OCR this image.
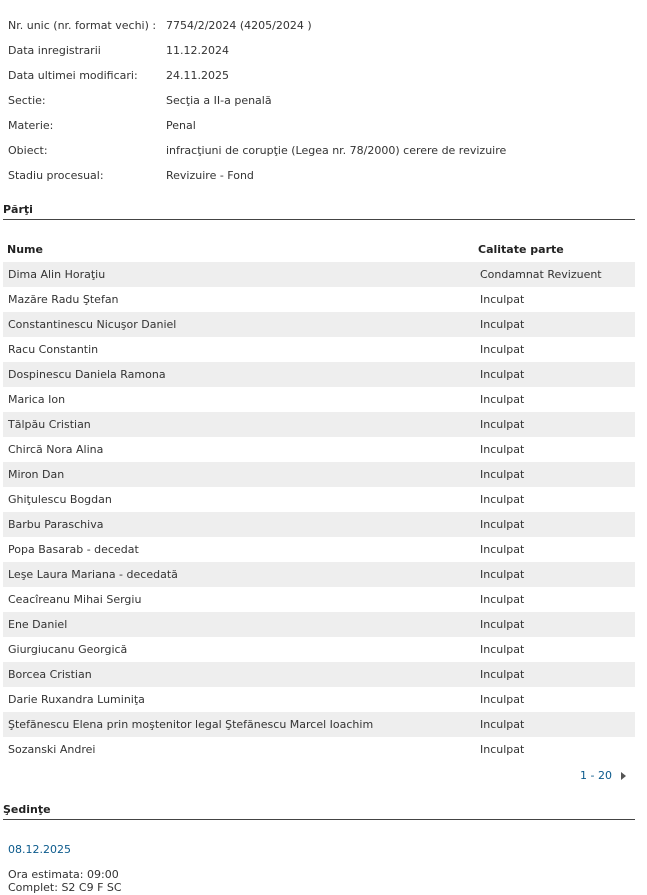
Nr. unic (nr. format vechi) : 7754/2/2024 (4205/2024 )
Data inregistrarii	11.12.2024
Data ultimei modificari:	24.11.2025
Sectie:	Secţia a II-a penală
Materie:	Penal
Obiect:	infracţiuni de corupţie (Legea nr. 78/2000) cerere de revizuire
Stadiu procesual:	Revizuire - Fond
Părţi
Nume	Calitate parte
Dima Alin Horaţiu	Condamnat Revizuent
Mazăre Radu Ştefan	Inculpat
Constantinescu Nicuşor Daniel	Inculpat
Racu Constantin	Inculpat
Dospinescu Daniela Ramona	Inculpat
Marica Ion	Inculpat
Tălpău Cristian	Inculpat
Chircă Nora Alina	Inculpat
Miron Dan	Inculpat
Ghiţulescu Bogdan	Inculpat
Barbu Paraschiva	Inculpat
Popa Basarab - decedat	Inculpat
Leşe Laura Mariana - decedată	Inculpat
Ceacîreanu Mihai Sergiu	Inculpat
Ene Daniel	Inculpat
Giurgiucanu Georgică	Inculpat
Borcea Cristian	Inculpat
Darie Ruxandra Luminiţa	Inculpat
Ştefănescu Elena prin moştenitor legal Ştefănescu Marcel Ioachim	Inculpat
Sozanski Andrei	Inculpat
1 - 20
Şedinţe
08.12.2025
Ora estimata: 09:00
Complet: S2 C9 F SC
